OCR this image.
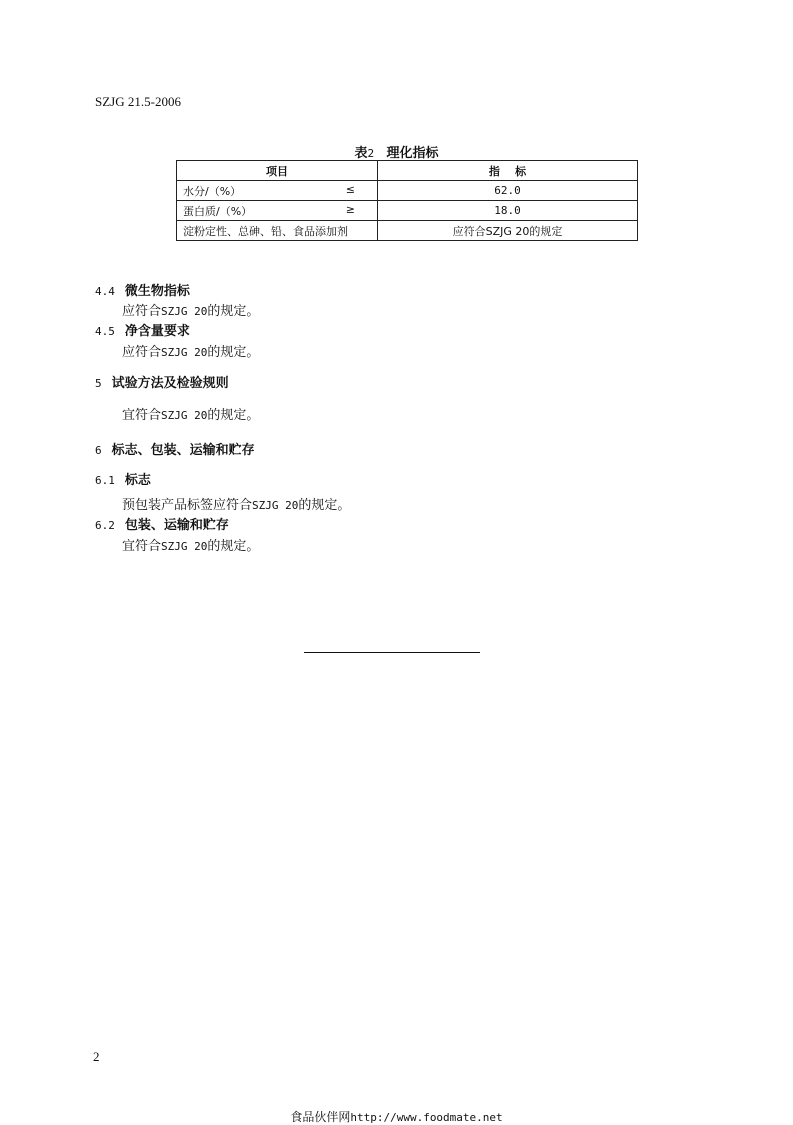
SZJG 21.5-2006
表2 理化指标
项目	指    标
水分/（%） ≤	62.0
蛋白质/（%） ≥	18.0
淀粉定性、总砷、铅、食品添加剂	应符合SZJG 20的规定
4.4 微生物指标
应符合SZJG 20的规定。
4.5 净含量要求
应符合SZJG 20的规定。
5 试验方法及检验规则
宜符合SZJG 20的规定。
6 标志、包装、运输和贮存
6.1 标志
预包装产品标签应符合SZJG 20的规定。
6.2 包装、运输和贮存
宜符合SZJG 20的规定。
2
食品伙伴网http://www.foodmate.net
